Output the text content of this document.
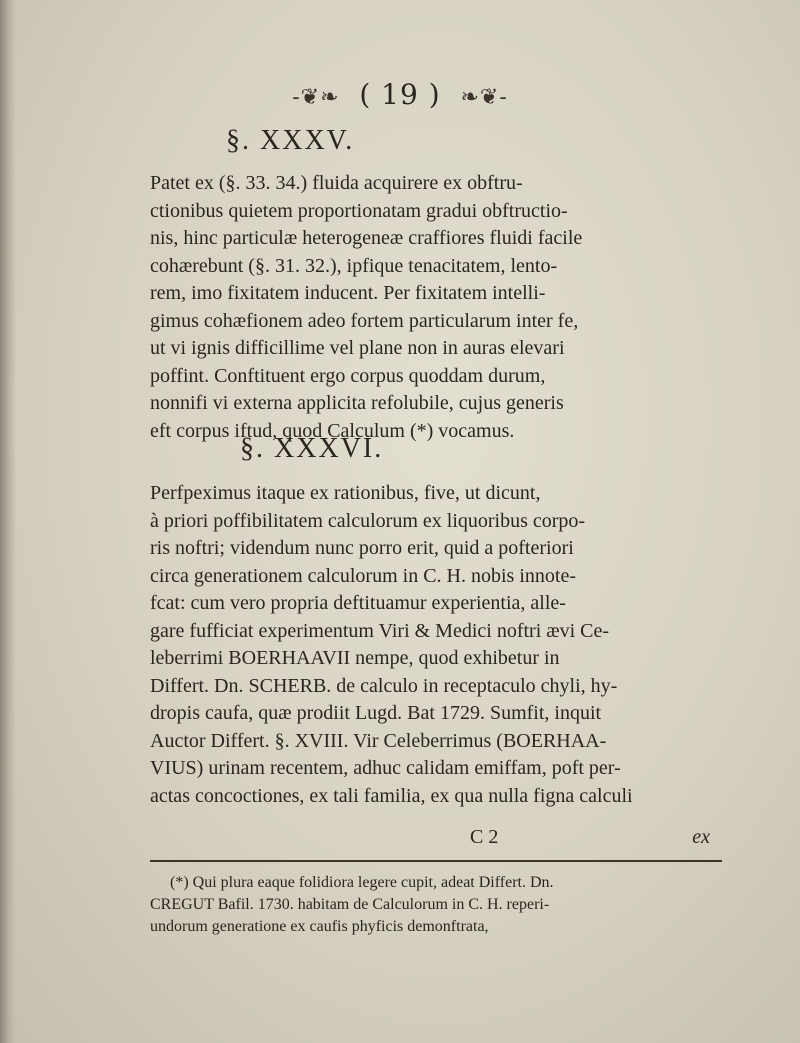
-❦❧ ( 19 ) ❧❦-
§. XXXV.

Patet ex (§. 33. 34.) fluida acquirere ex obftru-

ctionibus quietem proportionatam gradui obftructio-

nis, hinc particulæ heterogeneæ craffiores fluidi facile

cohærebunt (§. 31. 32.), ipfique tenacitatem, lento-

rem, imo fixitatem inducent. Per fixitatem intelli-

gimus cohæfionem adeo fortem particularum inter fe,

ut vi ignis difficillime vel plane non in auras elevari

poffint. Conftituent ergo corpus quoddam durum,

nonnifi vi externa applicita refolubile, cujus generis

eft corpus iftud, quod Calculum (*) vocamus.

§. XXXVI.

Perfpeximus itaque ex rationibus, five, ut dicunt,

à priori poffibilitatem calculorum ex liquoribus corpo-

ris noftri; videndum nunc porro erit, quid a pofteriori

circa generationem calculorum in C. H. nobis innote-

fcat: cum vero propria deftituamur experientia, alle-

gare fufficiat experimentum Viri & Medici noftri ævi Ce-

leberrimi BOERHAAVII nempe, quod exhibetur in

Differt. Dn. SCHERB. de calculo in receptaculo chyli, hy-

dropis caufa, quæ prodiit Lugd. Bat 1729. Sumfit, inquit

Auctor Differt. §. XVIII. Vir Celeberrimus (BOERHAA-

VIUS) urinam recentem, adhuc calidam emiffam, poft per-

actas concoctiones, ex tali familia, ex qua nulla figna calculi

C 2	ex

(*) Qui plura eaque folidiora legere cupit, adeat Differt. Dn.

CREGUT Bafil. 1730. habitam de Calculorum in C. H. reperi-

undorum generatione ex caufis phyficis demonftrata,
